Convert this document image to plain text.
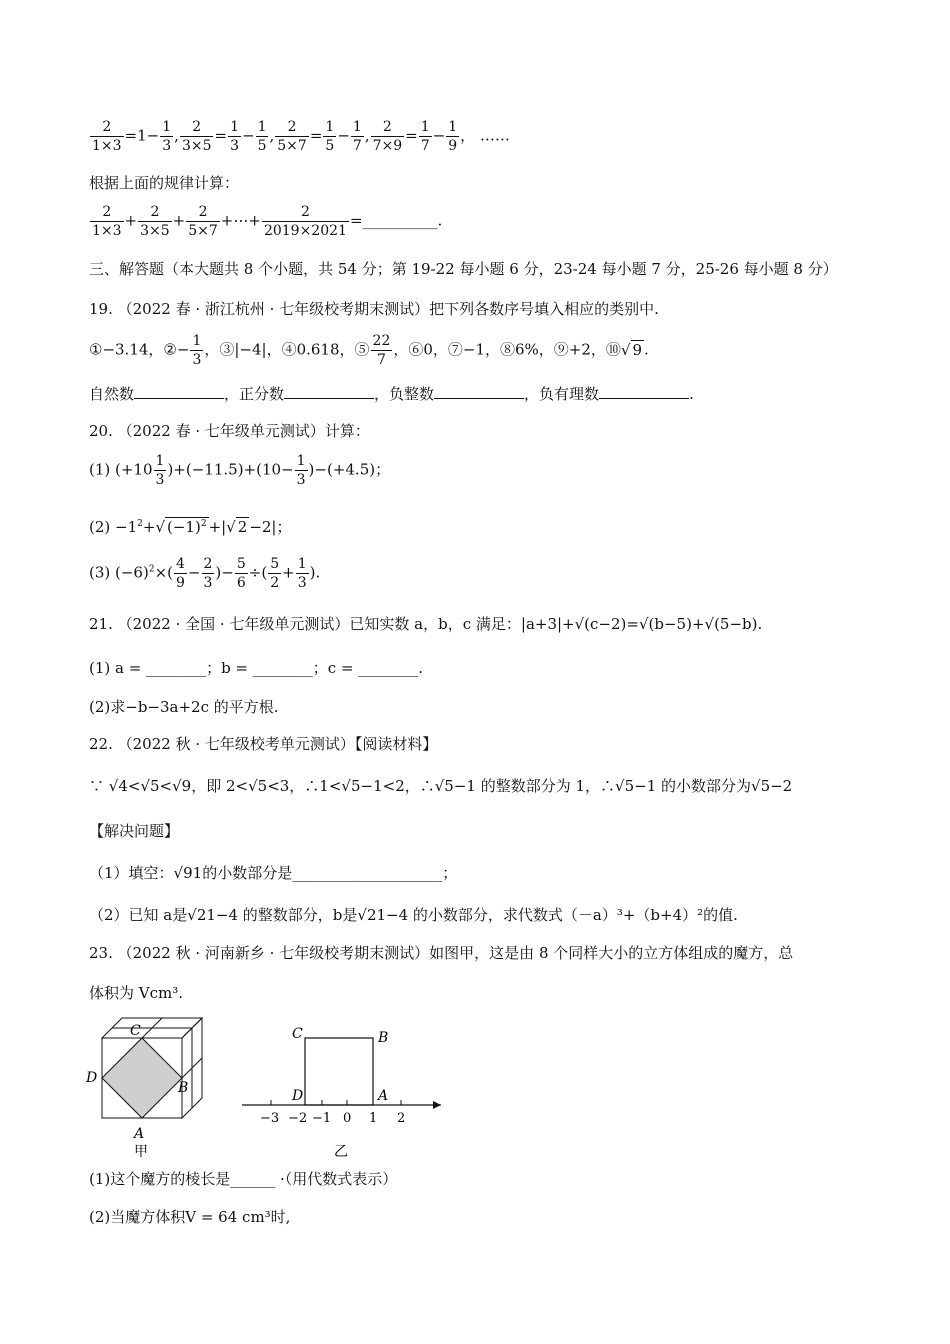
$\frac{2}{1\times 3} =1- \frac{1}{3}$ , $\frac{2}{3\times 5} = \frac{1}{3} - \frac{1}{5}$ , $\frac{2}{5\times 7} = \frac{1}{5} - \frac{1}{7}$ , $\frac{2}{7\times 9} = \frac{1}{7} - \frac{1}{9}$ ， ……
根据上面的规律计算：
$\frac{2}{1\times 3} + \frac{2}{3\times 5} + \frac{2}{5\times 7}$ +⋯+ $\frac{2}{2019\times 2021}$ =__________.
三、解答题（本大题共 8 个小题，共 54 分；第 19-22 每小题 6 分，23-24 每小题 7 分，25-26 每小题 8 分）
19. （2022 春 · 浙江杭州 · 七年级校考期末测试）把下列各数序号填入相应的类别中.
①−3.14，②− $\frac{1}{3}$ ，③|−4|，④0.618，⑤ $\frac{22}{7}$ ，⑥0，⑦−1，⑧6%，⑨+2，⑩√ 9 .
自然数	，正分数	，负整数	，负有理数	.
20. （2022 春 · 七年级单元测试）计算：
(1) $(+10 \frac{1}{3} )+(-11.5)+(10- \frac{1}{3} )-(+4.5)$；
$(2) -1^2+√$ $(-1)^2$ +|√ 2 −2|；
(3) $(-6)^2\times( \frac{4}{9} - \frac{2}{3}$ )− $\frac{5}{6}$ ÷( $\frac{5}{2} + \frac{1}{3}$ ).
21. （2022 · 全国 · 七年级单元测试）已知实数 a，b，c 满足：|a+3|+√(c−2)=√(b−5)+√(5−b).
(1) a = ________；b = ________；c = ________.
(2)求−b−3a+2c 的平方根.
22. （2022 秋 · 七年级校考单元测试）【阅读材料】
∵ √4<√5<√9，即 2<√5<3，∴1<√5−1<2，∴√5−1 的整数部分为 1，∴√5−1 的小数部分为√5−2
【解决问题】
（1）填空：√91的小数部分是____________________；
（2）已知 a是√21−4 的整数部分，b是√21−4 的小数部分，求代数式（－a）³+（b+4）²的值.
23. （2022 秋 · 河南新乡 · 七年级校考期末测试）如图甲，这是由 8 个同样大小的立方体组成的魔方，总
体积为 Vcm³.
C
D
B
A
甲
−3 −2 −1 0 1 2
C	B
D	A
乙
(1)这个魔方的棱长是______ ·（用代数式表示）
(2)当魔方体积V = 64 cm³时,
